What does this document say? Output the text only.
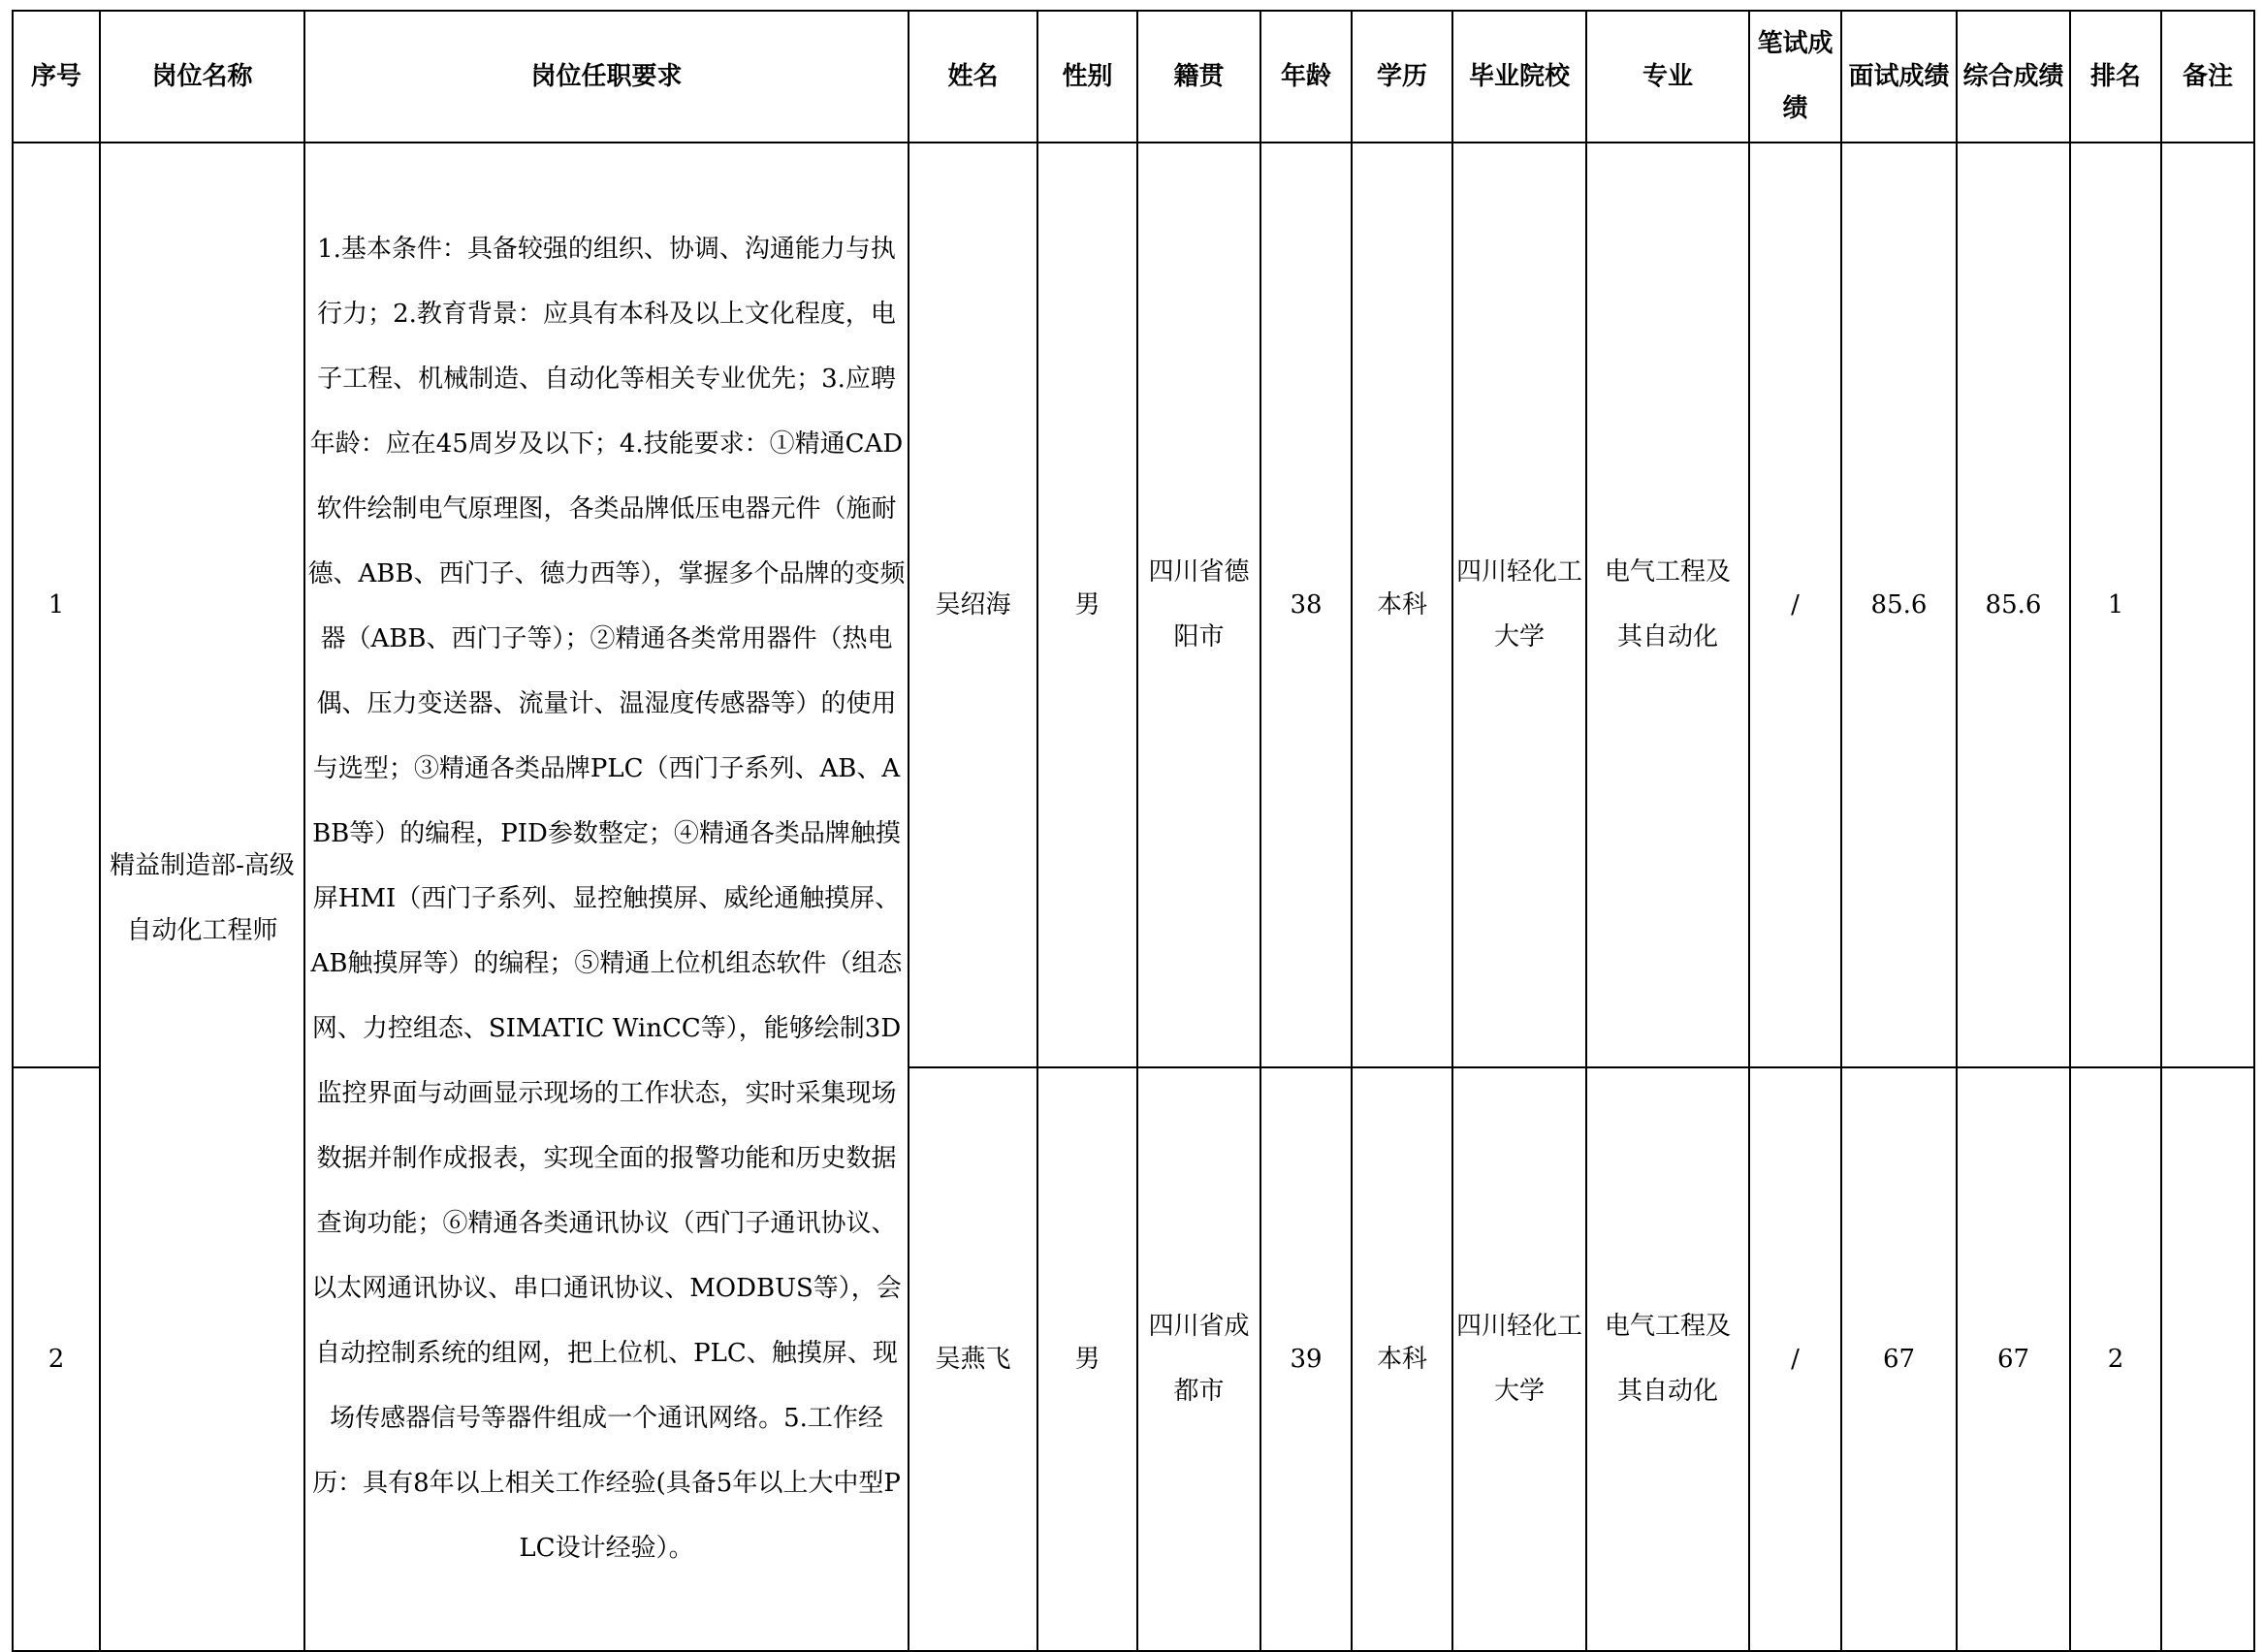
序号	岗位名称	岗位任职要求	姓名	性别	籍贯	年龄	学历	毕业院校	专业	笔试成绩	面试成绩	综合成绩	排名	备注
1	精益制造部-高级自动化工程师	1.基本条件：具备较强的组织、协调、沟通能力与执行力；2.教育背景：应具有本科及以上文化程度，电子工程、机械制造、自动化等相关专业优先；3.应聘年龄：应在45周岁及以下；4.技能要求：①精通CAD软件绘制电气原理图，各类品牌低压电器元件（施耐德、ABB、西门子、德力西等），掌握多个品牌的变频器（ABB、西门子等）；②精通各类常用器件（热电偶、压力变送器、流量计、温湿度传感器等）的使用与选型；③精通各类品牌PLC（西门子系列、AB、ABB等）的编程，PID参数整定；④精通各类品牌触摸屏HMI（西门子系列、显控触摸屏、威纶通触摸屏、AB触摸屏等）的编程；⑤精通上位机组态软件（组态网、力控组态、SIMATIC WinCC等），能够绘制3D监控界面与动画显示现场的工作状态，实时采集现场数据并制作成报表，实现全面的报警功能和历史数据查询功能；⑥精通各类通讯协议（西门子通讯协议、以太网通讯协议、串口通讯协议、MODBUS等），会自动控制系统的组网，把上位机、PLC、触摸屏、现场传感器信号等器件组成一个通讯网络。5.工作经历：具有8年以上相关工作经验(具备5年以上大中型PLC设计经验）。	吴绍海	男	四川省德阳市	38	本科	四川轻化工大学	电气工程及其自动化	/	85.6	85.6	1	
2			吴燕飞	男	四川省成都市	39	本科	四川轻化工大学	电气工程及其自动化	/	67	67	2	
